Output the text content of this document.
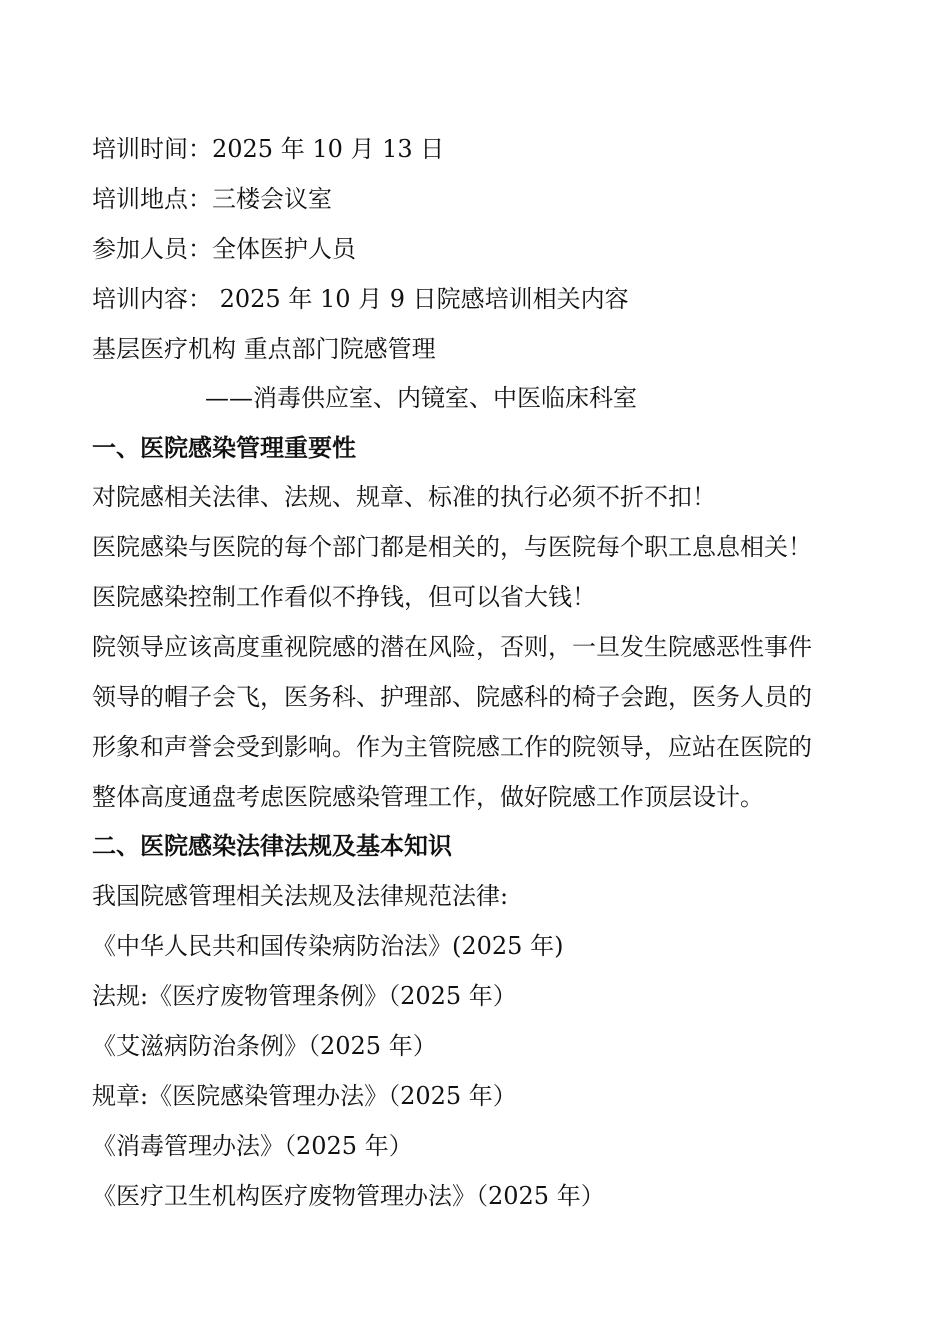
培训时间：2025 年 10 月 13 日

培训地点：三楼会议室

参加人员：全体医护人员

培训内容： 2025 年 10 月 9 日院感培训相关内容

基层医疗机构 重点部门院感管理

——消毒供应室、内镜室、中医临床科室

一、医院感染管理重要性

对院感相关法律、法规、规章、标准的执行必须不折不扣！

医院感染与医院的每个部门都是相关的，与医院每个职工息息相关！

医院感染控制工作看似不挣钱，但可以省大钱！

院领导应该高度重视院感的潜在风险，否则，一旦发生院感恶性事件

领导的帽子会飞，医务科、护理部、院感科的椅子会跑，医务人员的

形象和声誉会受到影响。作为主管院感工作的院领导，应站在医院的

整体高度通盘考虑医院感染管理工作，做好院感工作顶层设计。

二、医院感染法律法规及基本知识

我国院感管理相关法规及法律规范法律:

《中华人民共和国传染病防治法》(2025 年)

法规:《医疗废物管理条例》（2025 年）

《艾滋病防治条例》（2025 年）

规章:《医院感染管理办法》（2025 年）

《消毒管理办法》（2025 年）

《医疗卫生机构医疗废物管理办法》（2025 年）
